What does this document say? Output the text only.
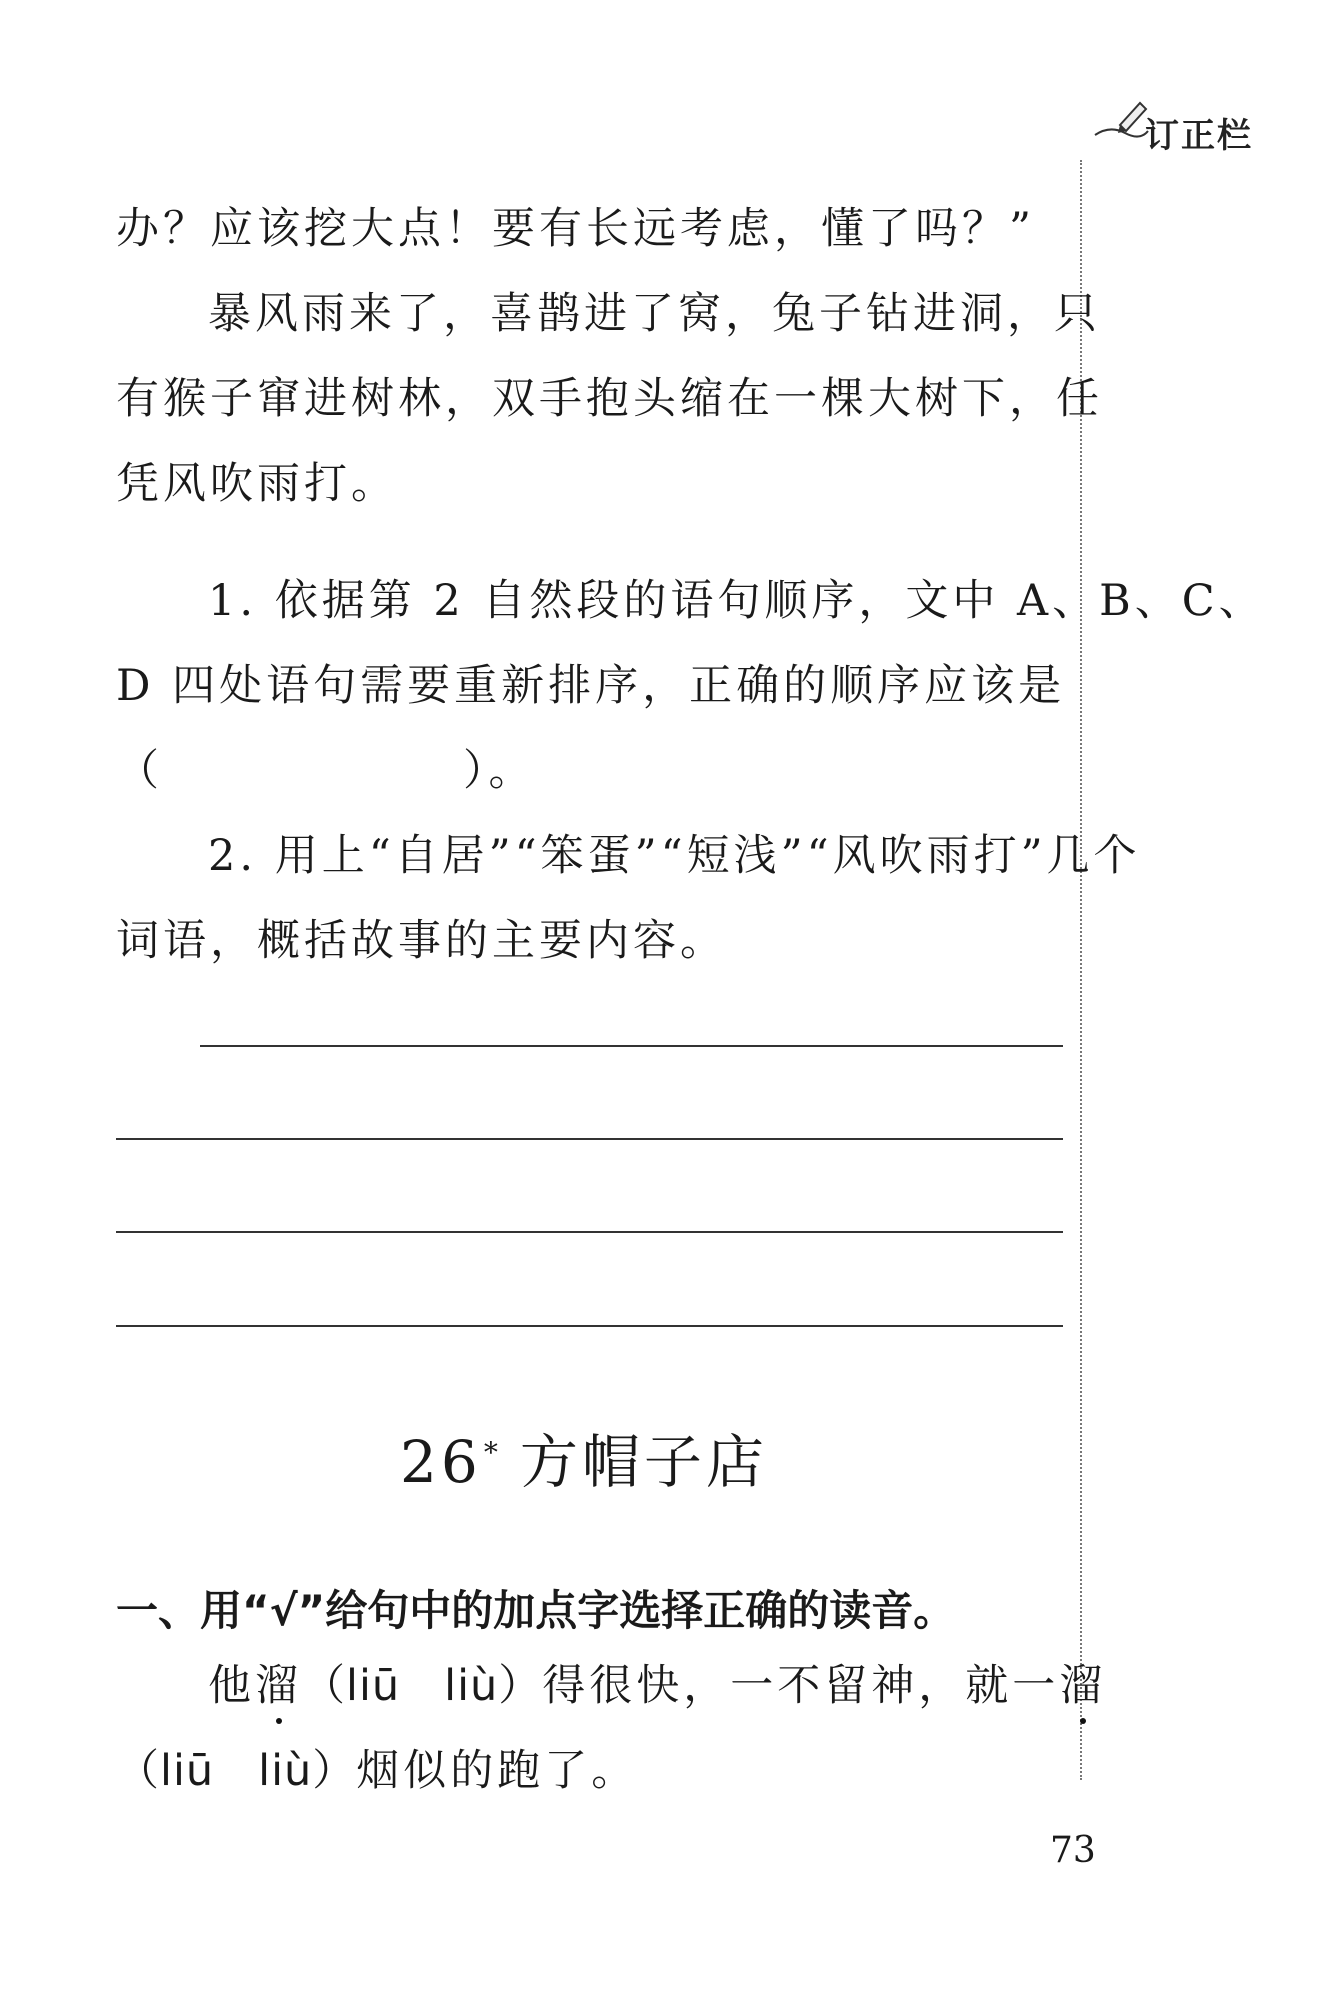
订正栏
办？应该挖大点！要有长远考虑，懂了吗？”
暴风雨来了，喜鹊进了窝，兔子钻进洞，只
有猴子窜进树林，双手抱头缩在一棵大树下，任
凭风吹雨打。
1. 依据第 2 自然段的语句顺序，文中 A、B、C、
D 四处语句需要重新排序，正确的顺序应该是
（	）。
2. 用上“自居”“笨蛋”“短浅”“风吹雨打”几个
词语，概括故事的主要内容。
26* 方帽子店
一、用“√”给句中的加点字选择正确的读音。
他 溜 （liū　liù） 得很快，一不留神，就一 溜
（liū　liù）烟似的跑了。
73
